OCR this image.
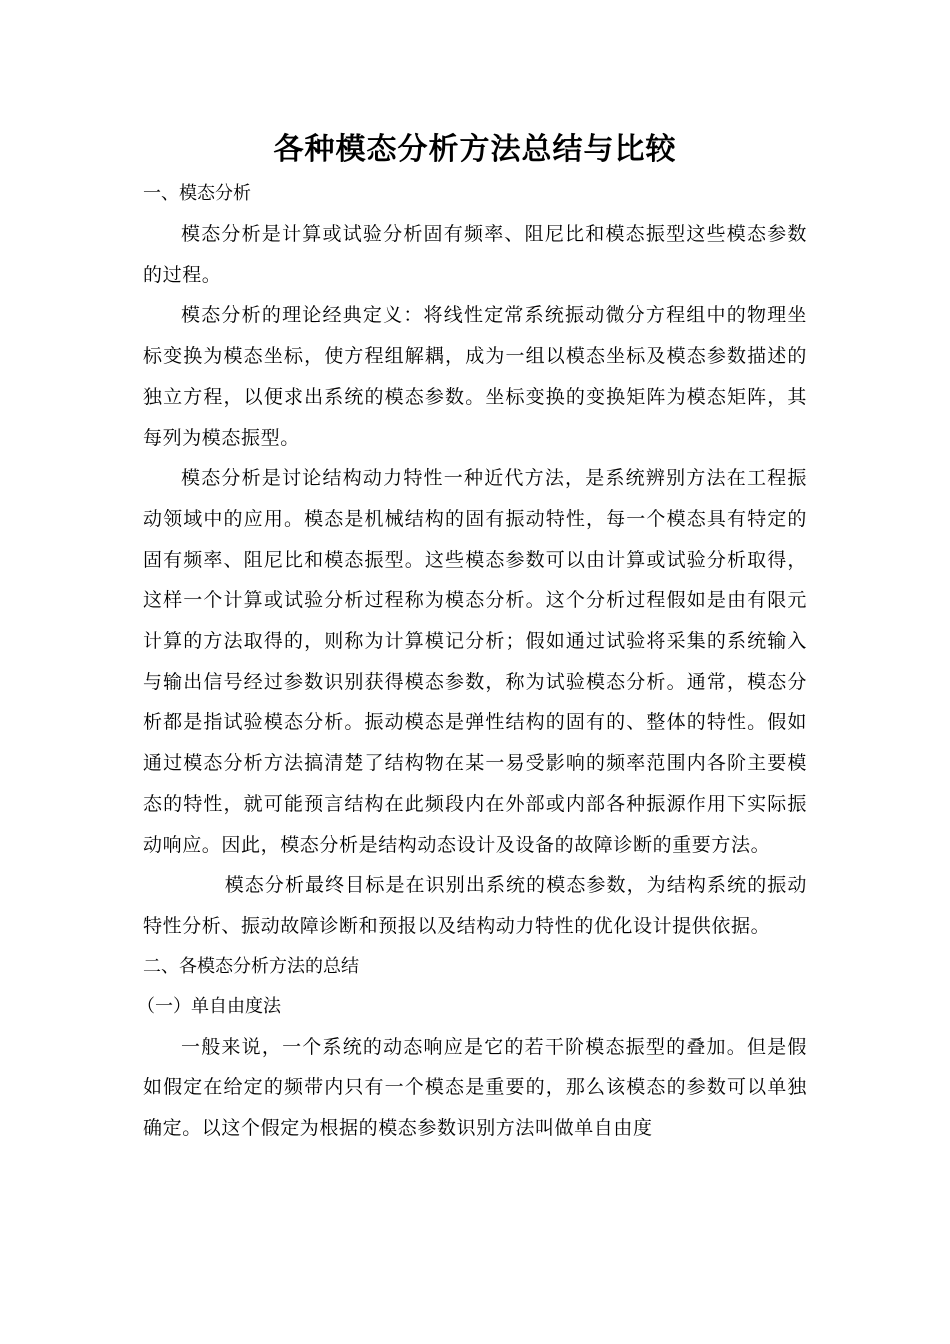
各种模态分析方法总结与比较
一、模态分析

模态分析是计算或试验分析固有频率、阻尼比和模态振型这些模态参数的过程。

模态分析的理论经典定义：将线性定常系统振动微分方程组中的物理坐标变换为模态坐标，使方程组解耦，成为一组以模态坐标及模态参数描述的独立方程，以便求出系统的模态参数。坐标变换的变换矩阵为模态矩阵，其每列为模态振型。

模态分析是讨论结构动力特性一种近代方法，是系统辨别方法在工程振动领域中的应用。模态是机械结构的固有振动特性，每一个模态具有特定的固有频率、阻尼比和模态振型。这些模态参数可以由计算或试验分析取得，这样一个计算或试验分析过程称为模态分析。这个分析过程假如是由有限元计算的方法取得的，则称为计算模记分析；假如通过试验将采集的系统输入与输出信号经过参数识别获得模态参数，称为试验模态分析。通常，模态分析都是指试验模态分析。振动模态是弹性结构的固有的、整体的特性。假如通过模态分析方法搞清楚了结构物在某一易受影响的频率范围内各阶主要模态的特性，就可能预言结构在此频段内在外部或内部各种振源作用下实际振动响应。因此，模态分析是结构动态设计及设备的故障诊断的重要方法。

模态分析最终目标是在识别出系统的模态参数，为结构系统的振动特性分析、振动故障诊断和预报以及结构动力特性的优化设计提供依据。

二、各模态分析方法的总结
（一）单自由度法

一般来说，一个系统的动态响应是它的若干阶模态振型的叠加。但是假如假定在给定的频带内只有一个模态是重要的，那么该模态的参数可以单独确定。以这个假定为根据的模态参数识别方法叫做单自由度
